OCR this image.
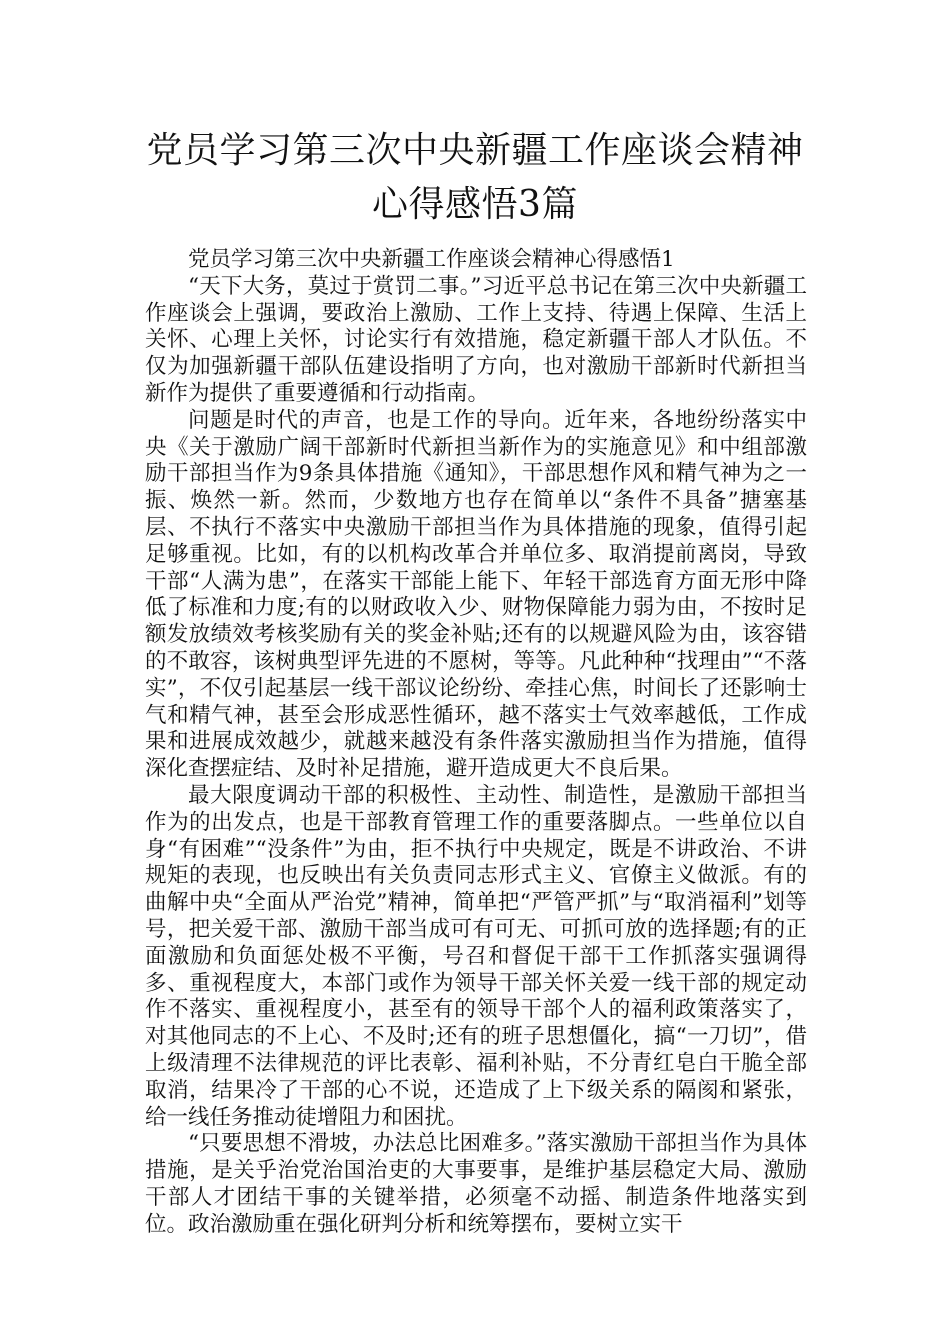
党员学习第三次中央新疆工作座谈会精神
心得感悟3篇

党员学习第三次中央新疆工作座谈会精神心得感悟1

“天下大务，莫过于赏罚二事。”习近平总书记在第三次中央新疆工作座谈会上强调，要政治上激励、工作上支持、待遇上保障、生活上关怀、心理上关怀，讨论实行有效措施，稳定新疆干部人才队伍。不仅为加强新疆干部队伍建设指明了方向，也对激励干部新时代新担当新作为提供了重要遵循和行动指南。

问题是时代的声音，也是工作的导向。近年来，各地纷纷落实中央《关于激励广阔干部新时代新担当新作为的实施意见》和中组部激励干部担当作为9条具体措施《通知》，干部思想作风和精气神为之一振、焕然一新。然而，少数地方也存在简单以“条件不具备”搪塞基层、不执行不落实中央激励干部担当作为具体措施的现象，值得引起足够重视。比如，有的以机构改革合并单位多、取消提前离岗，导致干部“人满为患”，在落实干部能上能下、年轻干部选育方面无形中降低了标准和力度;有的以财政收入少、财物保障能力弱为由，不按时足额发放绩效考核奖励有关的奖金补贴;还有的以规避风险为由，该容错的不敢容，该树典型评先进的不愿树，等等。凡此种种“找理由”“不落实”，不仅引起基层一线干部议论纷纷、牵挂心焦，时间长了还影响士气和精气神，甚至会形成恶性循环，越不落实士气效率越低，工作成果和进展成效越少，就越来越没有条件落实激励担当作为措施，值得深化查摆症结、及时补足措施，避开造成更大不良后果。

最大限度调动干部的积极性、主动性、制造性，是激励干部担当作为的出发点，也是干部教育管理工作的重要落脚点。一些单位以自身“有困难”“没条件”为由，拒不执行中央规定，既是不讲政治、不讲规矩的表现，也反映出有关负责同志形式主义、官僚主义做派。有的曲解中央“全面从严治党”精神，简单把“严管严抓”与“取消福利”划等号，把关爱干部、激励干部当成可有可无、可抓可放的选择题;有的正面激励和负面惩处极不平衡，号召和督促干部干工作抓落实强调得多、重视程度大，本部门或作为领导干部关怀关爱一线干部的规定动作不落实、重视程度小，甚至有的领导干部个人的福利政策落实了，对其他同志的不上心、不及时;还有的班子思想僵化，搞“一刀切”，借上级清理不法律规范的评比表彰、福利补贴，不分青红皂白干脆全部取消，结果冷了干部的心不说，还造成了上下级关系的隔阂和紧张，给一线任务推动徒增阻力和困扰。

“只要思想不滑坡，办法总比困难多。”落实激励干部担当作为具体措施，是关乎治党治国治吏的大事要事，是维护基层稳定大局、激励干部人才团结干事的关键举措，必须毫不动摇、制造条件地落实到位。政治激励重在强化研判分析和统筹摆布，要树立实干
